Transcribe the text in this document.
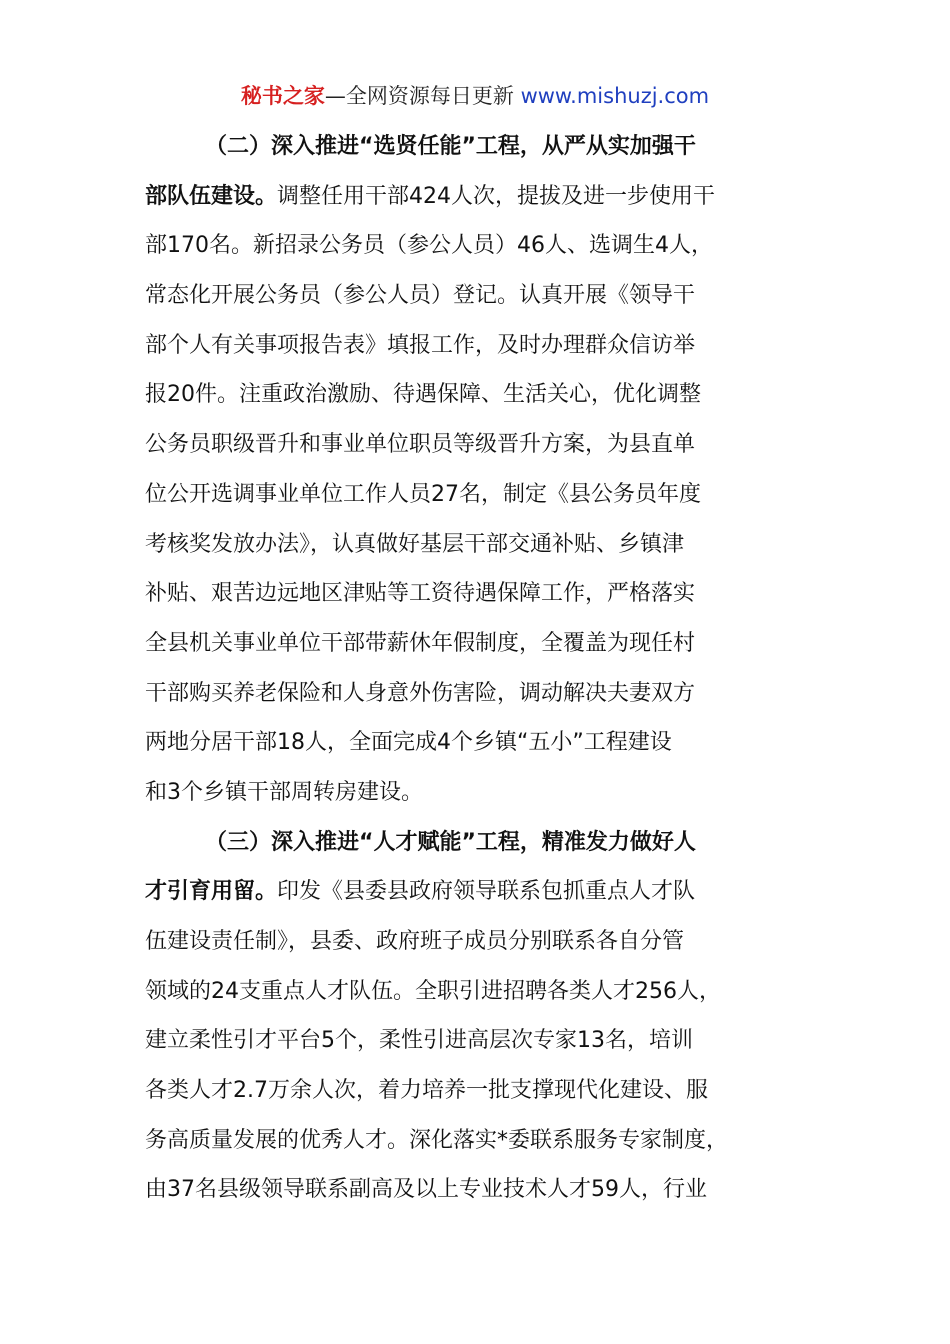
秘书之家—全网资源每日更新 www.mishuzj.com
（二）深入推进“选贤任能”工程，从严从实加强干
部队伍建设。调整任用干部424人次，提拔及进一步使用干
部170名。新招录公务员（参公人员）46人、选调生4人，
常态化开展公务员（参公人员）登记。认真开展《领导干
部个人有关事项报告表》填报工作，及时办理群众信访举
报20件。注重政治激励、待遇保障、生活关心，优化调整
公务员职级晋升和事业单位职员等级晋升方案，为县直单
位公开选调事业单位工作人员27名，制定《县公务员年度
考核奖发放办法》，认真做好基层干部交通补贴、乡镇津
补贴、艰苦边远地区津贴等工资待遇保障工作，严格落实
全县机关事业单位干部带薪休年假制度，全覆盖为现任村
干部购买养老保险和人身意外伤害险，调动解决夫妻双方
两地分居干部18人，全面完成4个乡镇“五小”工程建设
和3个乡镇干部周转房建设。
（三）深入推进“人才赋能”工程，精准发力做好人
才引育用留。印发《县委县政府领导联系包抓重点人才队
伍建设责任制》，县委、政府班子成员分别联系各自分管
领域的24支重点人才队伍。全职引进招聘各类人才256人，
建立柔性引才平台5个，柔性引进高层次专家13名，培训
各类人才2.7万余人次，着力培养一批支撑现代化建设、服
务高质量发展的优秀人才。深化落实*委联系服务专家制度，
由37名县级领导联系副高及以上专业技术人才59人，行业
